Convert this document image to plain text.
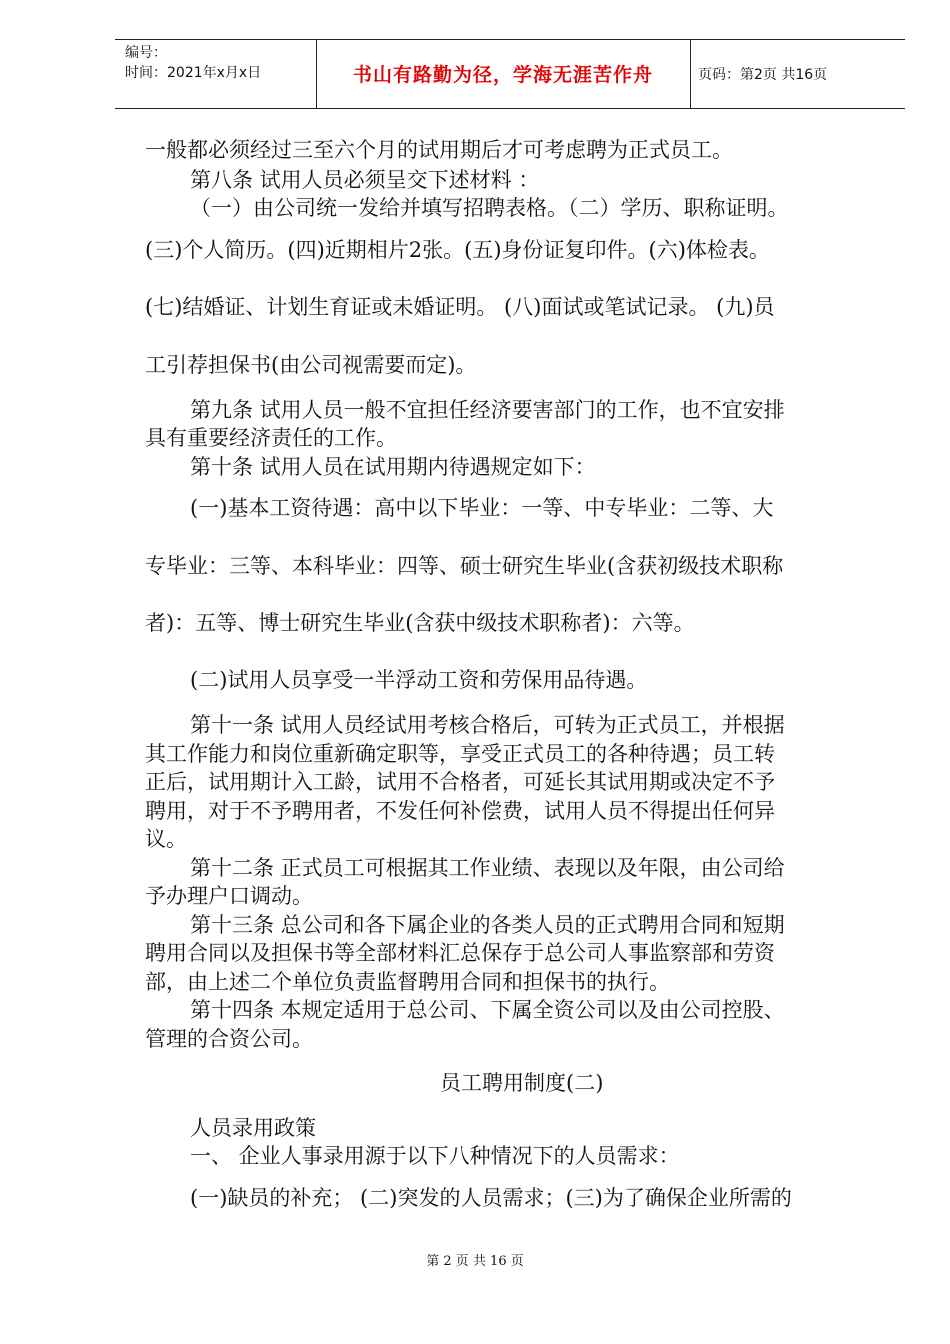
编号：
时间：2021年x月x日	书山有路勤为径，学海无涯苦作舟	页码：第2页 共16页
一般都必须经过三至六个月的试用期后才可考虑聘为正式员工。
第八条 试用人员必须呈交下述材料 ：
（一）由公司统一发给并填写招聘表格。（二）学历、职称证明。
(三)个人简历。(四)近期相片2张。(五)身份证复印件。(六)体检表。
(七)结婚证、计划生育证或未婚证明。 (八)面试或笔试记录。 (九)员
工引荐担保书(由公司视需要而定)。
第九条 试用人员一般不宜担任经济要害部门的工作，也不宜安排
具有重要经济责任的工作。
第十条 试用人员在试用期内待遇规定如下：
(一)基本工资待遇：高中以下毕业：一等、中专毕业：二等、大
专毕业：三等、本科毕业：四等、硕士研究生毕业(含获初级技术职称
者)：五等、博士研究生毕业(含获中级技术职称者)：六等。
(二)试用人员享受一半浮动工资和劳保用品待遇。
第十一条 试用人员经试用考核合格后，可转为正式员工，并根据
其工作能力和岗位重新确定职等，享受正式员工的各种待遇；员工转
正后，试用期计入工龄，试用不合格者，可延长其试用期或决定不予
聘用，对于不予聘用者，不发任何补偿费，试用人员不得提出任何异
议。
第十二条 正式员工可根据其工作业绩、表现以及年限，由公司给
予办理户口调动。
第十三条 总公司和各下属企业的各类人员的正式聘用合同和短期
聘用合同以及担保书等全部材料汇总保存于总公司人事监察部和劳资
部，由上述二个单位负责监督聘用合同和担保书的执行。
第十四条 本规定适用于总公司、下属全资公司以及由公司控股、
管理的合资公司。
员工聘用制度(二)
人员录用政策
一、 企业人事录用源于以下八种情况下的人员需求：
(一)缺员的补充； (二)突发的人员需求；(三)为了确保企业所需的
第 2 页 共 16 页
